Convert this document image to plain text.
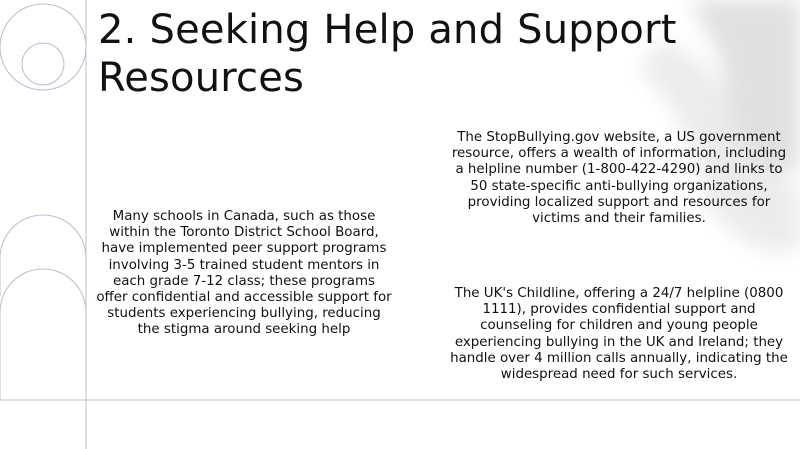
2. Seeking Help and Support Resources

Many schools in Canada, such as those within the Toronto District School Board, have implemented peer support programs involving 3-5 trained student mentors in each grade 7-12 class; these programs offer confidential and accessible support for students experiencing bullying, reducing the stigma around seeking help

The StopBullying.gov website, a US government resource, offers a wealth of information, including a helpline number (1-800-422-4290) and links to 50 state-specific anti-bullying organizations, providing localized support and resources for victims and their families.

The UK's Childline, offering a 24/7 helpline (0800 1111), provides confidential support and counseling for children and young people experiencing bullying in the UK and Ireland; they handle over 4 million calls annually, indicating the widespread need for such services.
